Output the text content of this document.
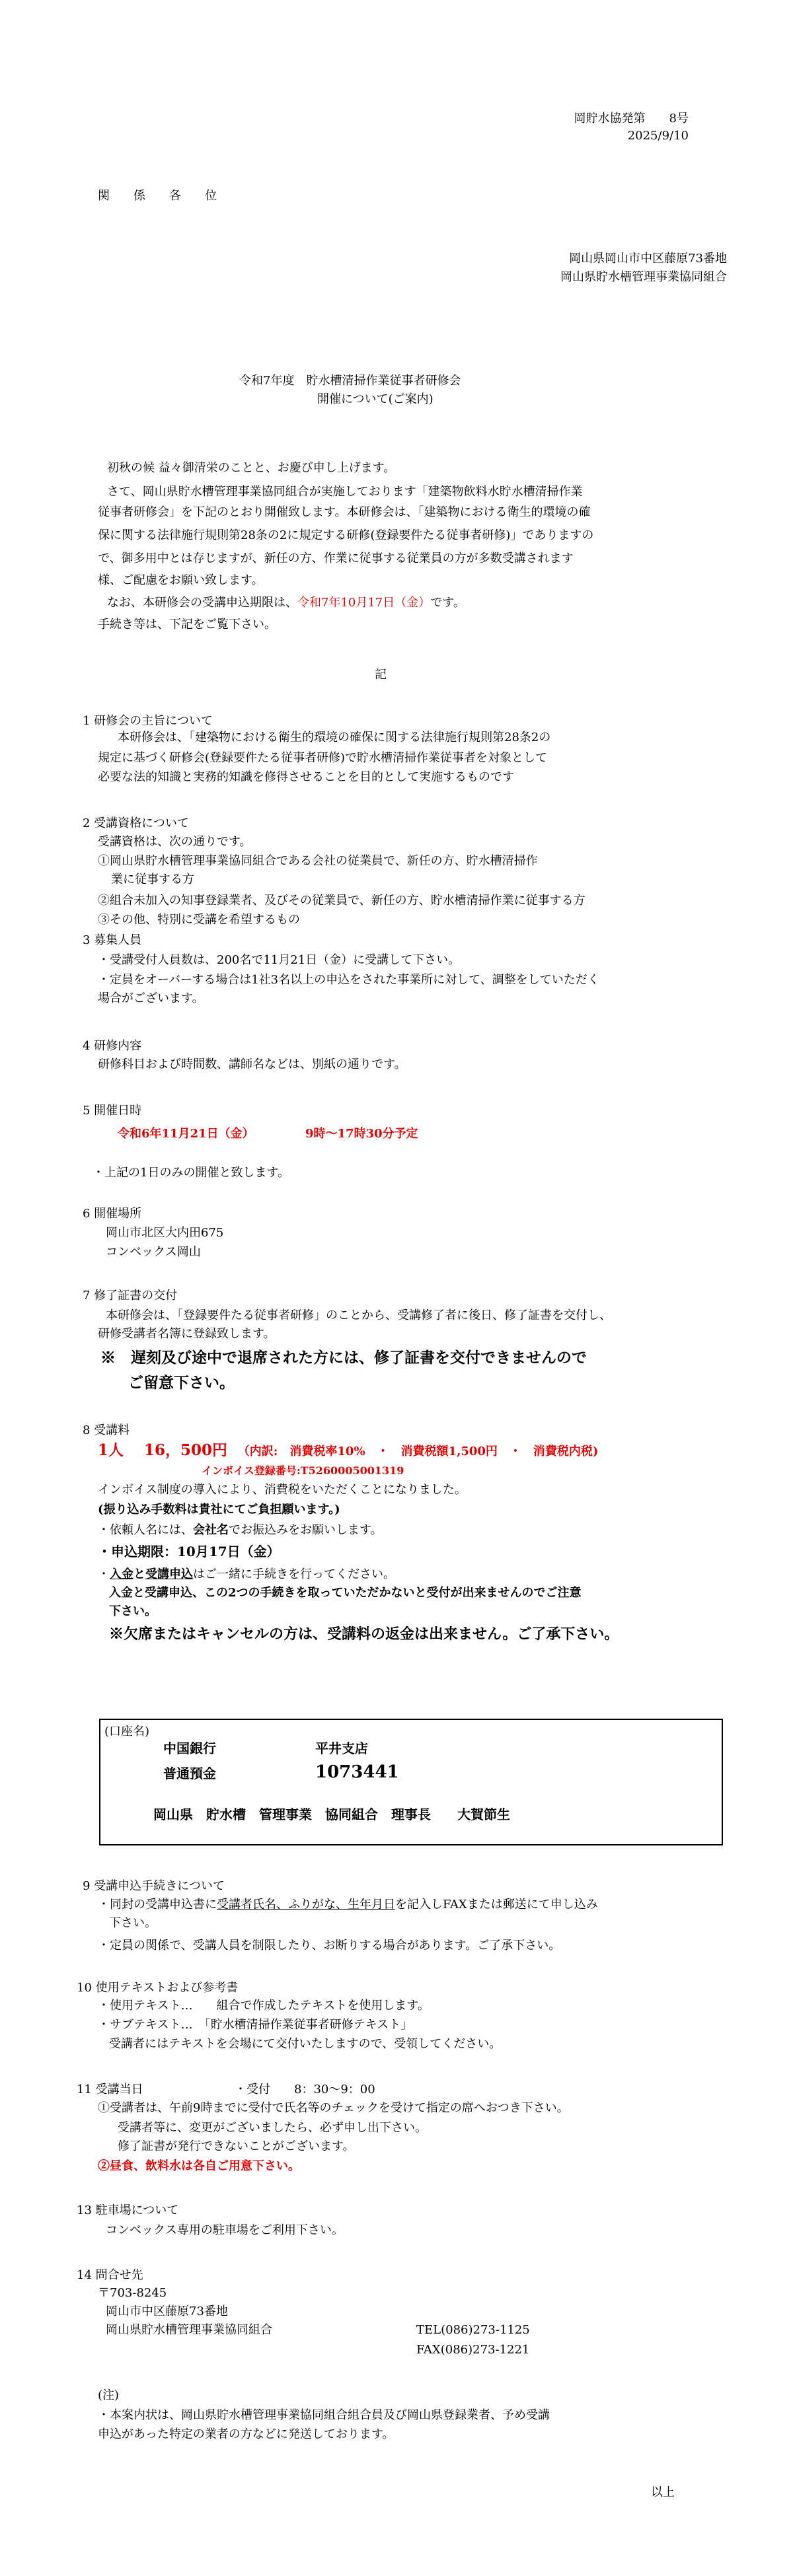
岡貯水協発第　　8号
2025/9/10
関　　係　　各　　位
岡山県岡山市中区藤原73番地
岡山県貯水槽管理事業協同組合
令和7年度　貯水槽清掃作業従事者研修会
開催について(ご案内)
初秋の候 益々御清栄のことと、お慶び申し上げます。
さて、岡山県貯水槽管理事業協同組合が実施しております「建築物飲料水貯水槽清掃作業
従事者研修会」を下記のとおり開催致します。本研修会は、「建築物における衛生的環境の確
保に関する法律施行規則第28条の2に規定する研修(登録要件たる従事者研修)」でありますの
で、御多用中とは存じますが、新任の方、作業に従事する従業員の方が多数受講されます
様、ご配慮をお願い致します。
なお、本研修会の受講申込期限は、令和7年10月17日（金）です。
手続き等は、下記をご覧下さい。
記
1 研修会の主旨について
本研修会は、「建築物における衛生的環境の確保に関する法律施行規則第28条2の
規定に基づく研修会(登録要件たる従事者研修)で貯水槽清掃作業従事者を対象として
必要な法的知識と実務的知識を修得させることを目的として実施するものです
2 受講資格について
受講資格は、次の通りです。
①岡山県貯水槽管理事業協同組合である会社の従業員で、新任の方、貯水槽清掃作
業に従事する方
②組合未加入の知事登録業者、及びその従業員で、新任の方、貯水槽清掃作業に従事する方
③その他、特別に受講を希望するもの
3 募集人員
・受講受付人員数は、200名で11月21日（金）に受講して下さい。
・定員をオーバーする場合は1社3名以上の申込をされた事業所に対して、調整をしていただく
場合がございます。
4 研修内容
研修科目および時間数、講師名などは、別紙の通りです。
5 開催日時
令和6年11月21日（金）	9時～17時30分予定
・上記の1日のみの開催と致します。
6 開催場所
岡山市北区大内田675
コンベックス岡山
7 修了証書の交付
本研修会は、「登録要件たる従事者研修」のことから、受講修了者に後日、修了証書を交付し、
研修受講者名簿に登録致します。
※　遅刻及び途中で退席された方には、修了証書を交付できませんので
ご留意下さい。
8 受講料
1人　 16，500円 （内訳:　消費税率10%　・　消費税額1,500円　・　消費税内税)
インボイス登録番号:T5260005001319
インボイス制度の導入により、消費税をいただくことになりました。
(振り込み手数料は貴社にてご負担願います。)
・依頼人名には、会社名でお振込みをお願いします。
・申込期限：10月17日（金）
・入金と受講申込はご一緒に手続きを行ってください。
入金と受講申込、この2つの手続きを取っていただかないと受付が出来ませんのでご注意
下さい。
※欠席またはキャンセルの方は、受講料の返金は出来ません。ご了承下さい。
(口座名)
中国銀行	平井支店
普通預金	1073441
岡山県　貯水槽　管理事業　協同組合　理事長　　大賀節生
9 受講申込手続きについて
・同封の受講申込書に受講者氏名、ふりがな、生年月日を記入しFAXまたは郵送にて申し込み
下さい。
・定員の関係で、受講人員を制限したり、お断りする場合があります。ご了承下さい。
10 使用テキストおよび参考書
・使用テキスト…　　組合で作成したテキストを使用します。
・サブテキスト…　「貯水槽清掃作業従事者研修テキスト」
受講者にはテキストを会場にて交付いたしますので、受領してください。
11 受講当日	・受付　　8：30～9：00
①受講者は、午前9時までに受付で氏名等のチェックを受けて指定の席へおつき下さい。
受講者等に、変更がございましたら、必ず申し出下さい。
修了証書が発行できないことがございます。
②昼食、飲料水は各自ご用意下さい。
13 駐車場について
コンベックス専用の駐車場をご利用下さい。
14 問合せ先
〒703-8245
岡山市中区藤原73番地
岡山県貯水槽管理事業協同組合	TEL(086)273-1125
FAX(086)273-1221
(注)
・本案内状は、岡山県貯水槽管理事業協同組合組合員及び岡山県登録業者、予め受講
申込があった特定の業者の方などに発送しております。
以上
